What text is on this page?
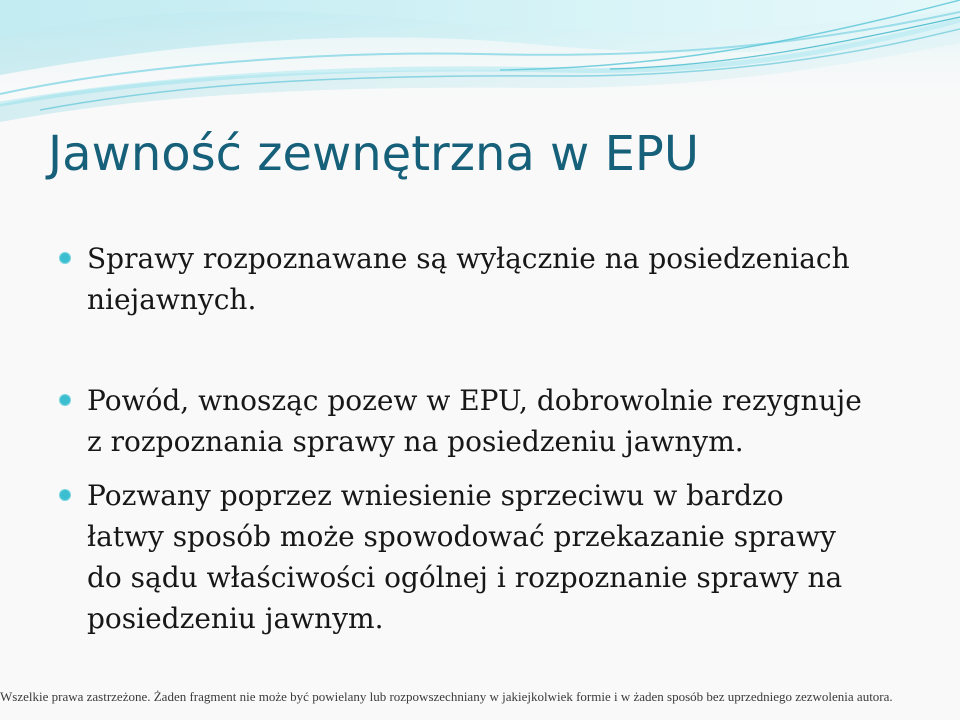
Jawność zewnętrzna w EPU
Sprawy rozpoznawane są wyłącznie na posiedzeniach
niejawnych.
Powód, wnosząc pozew w EPU, dobrowolnie rezygnuje
z rozpoznania sprawy na posiedzeniu jawnym.
Pozwany poprzez wniesienie sprzeciwu w bardzo
łatwy sposób może spowodować przekazanie sprawy
do sądu właściwości ogólnej i rozpoznanie sprawy na
posiedzeniu jawnym.
Wszelkie prawa zastrzeżone. Żaden fragment nie może być powielany lub rozpowszechniany w jakiejkolwiek formie i w żaden sposób bez uprzedniego zezwolenia autora.
